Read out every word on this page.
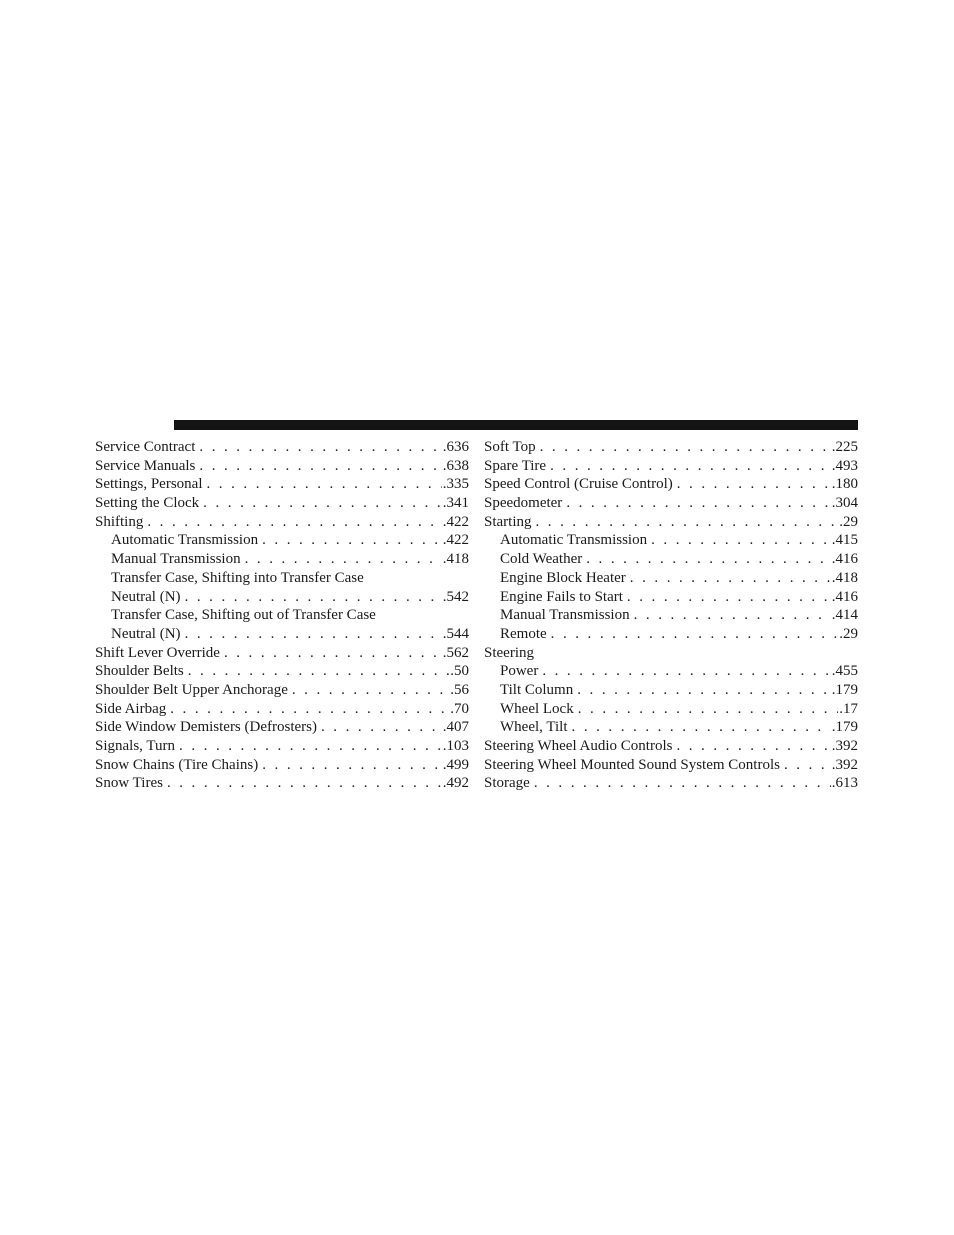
Service Contract . . .	.636
Service Manuals . . .	.638
Settings, Personal . . .	.335
Setting the Clock . . .	.341
Shifting . . .	.422
Automatic Transmission . . .	.422
Manual Transmission . . .	.418
Transfer Case, Shifting into Transfer Case
Neutral (N) . . .	.542
Transfer Case, Shifting out of Transfer Case
Neutral (N) . . .	.544
Shift Lever Override . . .	.562
Shoulder Belts . . .	.50
Shoulder Belt Upper Anchorage . . .	.56
Side Airbag . . .	.70
Side Window Demisters (Defrosters) . . .	.407
Signals, Turn . . .	.103
Snow Chains (Tire Chains) . . .	.499
Snow Tires . . .	.492
Soft Top . . .	.225
Spare Tire . . .	.493
Speed Control (Cruise Control) . . .	.180
Speedometer . . .	.304
Starting . . .	.29
Automatic Transmission . . .	.415
Cold Weather . . .	.416
Engine Block Heater . . .	.418
Engine Fails to Start . . .	.416
Manual Transmission . . .	.414
Remote . . .	.29
Steering
Power . . .	.455
Tilt Column . . .	.179
Wheel Lock . . .	.17
Wheel, Tilt . . .	.179
Steering Wheel Audio Controls . . .	.392
Steering Wheel Mounted Sound System Controls . . .	.392
Storage . . .	.613
